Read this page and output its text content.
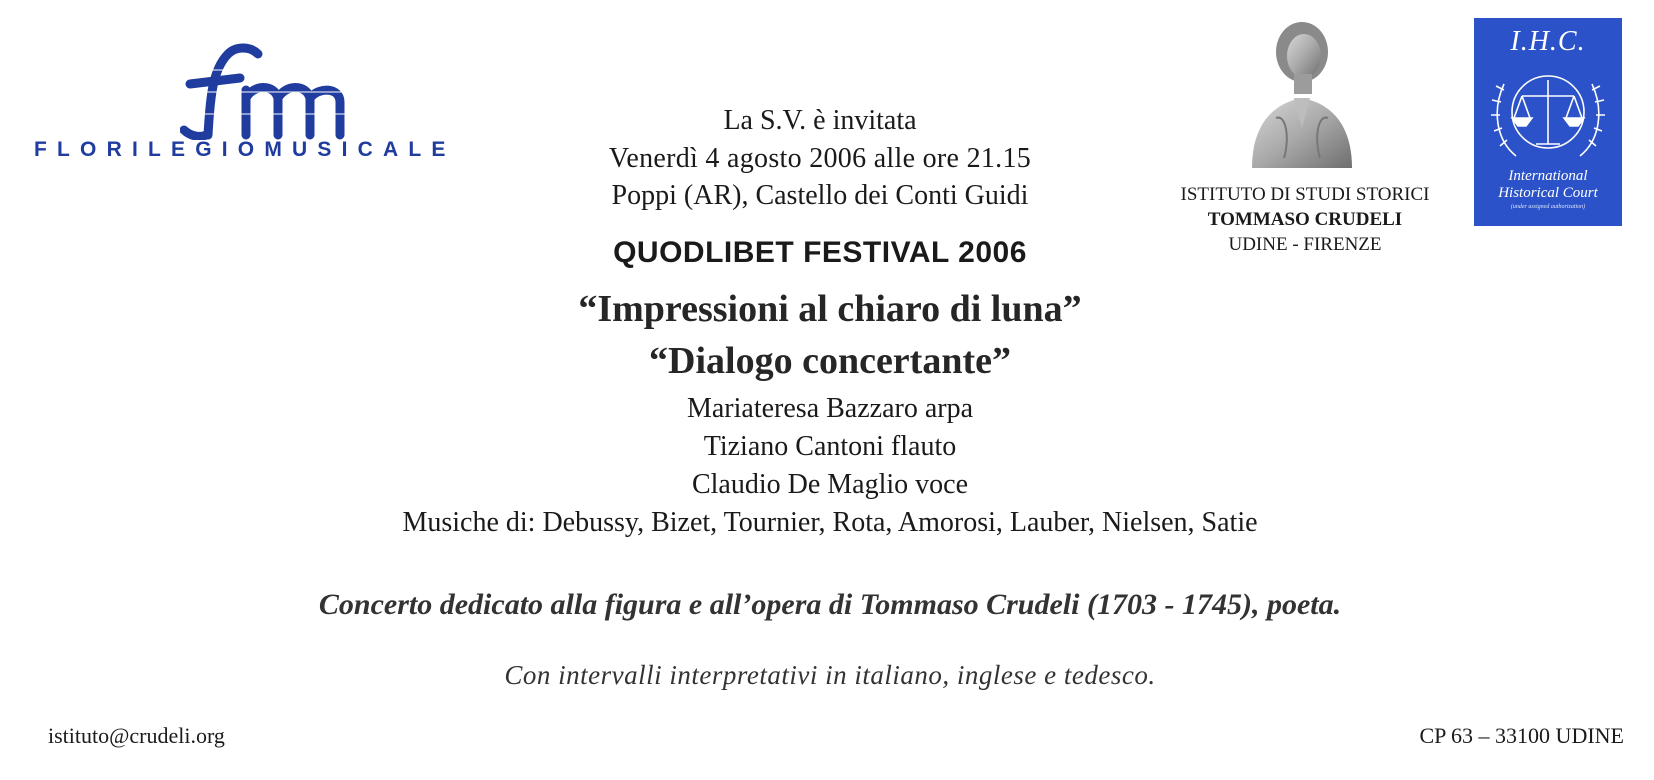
FLORILEGIOMUSICALE
La S.V. è invitata
Venerdì 4 agosto 2006 alle ore 21.15
Poppi (AR), Castello dei Conti Guidi	ISTITUTO DI STUDI STORICI
TOMMASO CRUDELI
UDINE - FIRENZE
I.H.C.
International
Historical Court
(under assigned authorization)
QUODLIBET FESTIVAL 2006
“Impressioni al chiaro di luna”
“Dialogo concertante”
Mariateresa Bazzaro arpa
Tiziano Cantoni flauto
Claudio De Maglio voce
Musiche di: Debussy, Bizet, Tournier, Rota, Amorosi, Lauber, Nielsen, Satie
Concerto dedicato alla figura e all’opera di Tommaso Crudeli (1703 - 1745), poeta.
Con intervalli interpretativi in italiano, inglese e tedesco.
istituto@crudeli.org	CP 63 – 33100 UDINE
